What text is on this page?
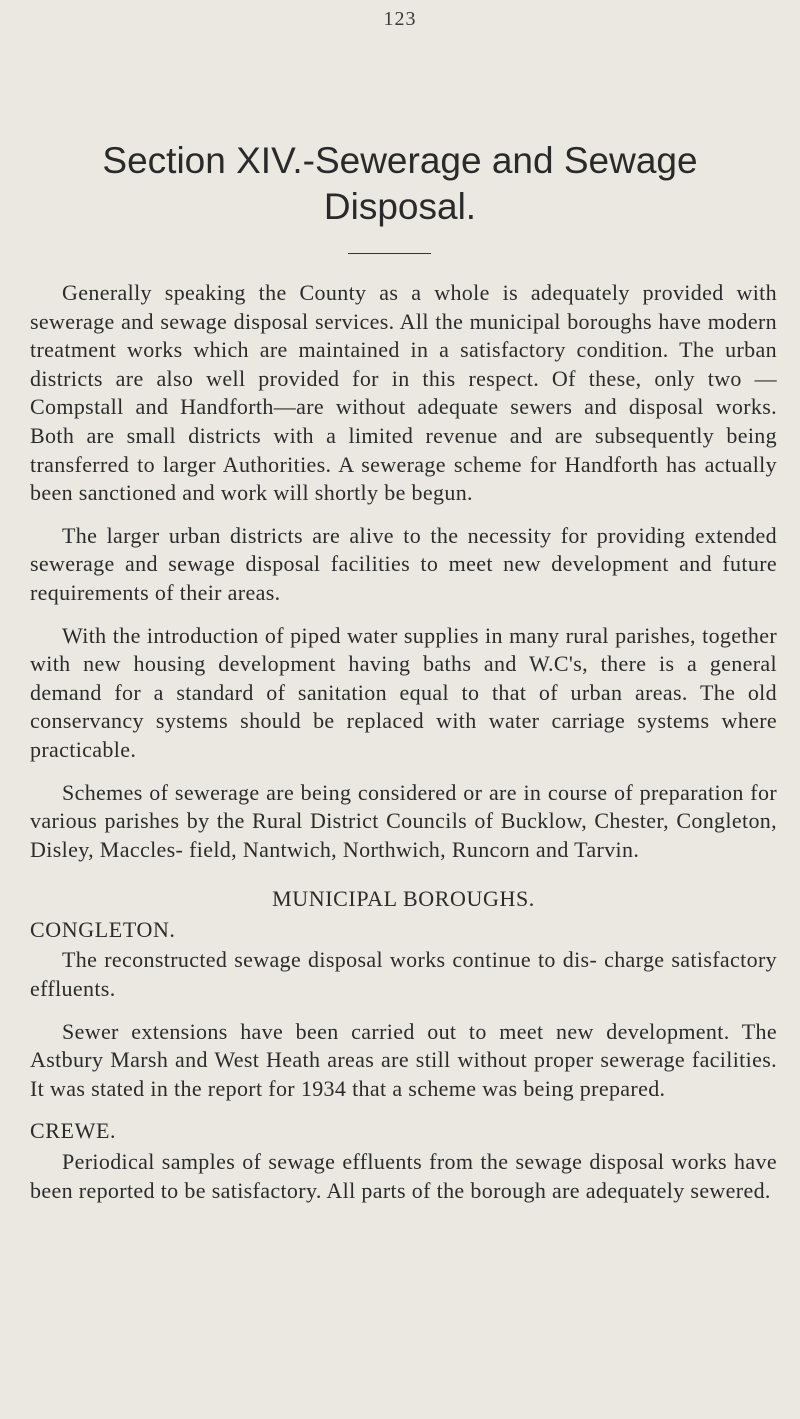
123
Section XIV.-Sewerage and Sewage
Disposal.

Generally speaking the County as a whole is adequately provided with sewerage and sewage disposal services. All the municipal boroughs have modern treatment works which are maintained in a satisfactory condition. The urban districts are also well provided for in this respect. Of these, only two —Compstall and Handforth—are without adequate sewers and disposal works. Both are small districts with a limited revenue and are subsequently being transferred to larger Authorities. A sewerage scheme for Handforth has actually been sanctioned and work will shortly be begun.

The larger urban districts are alive to the necessity for providing extended sewerage and sewage disposal facilities to meet new development and future requirements of their areas.

With the introduction of piped water supplies in many rural parishes, together with new housing development having baths and W.C's, there is a general demand for a standard of sanitation equal to that of urban areas. The old conservancy systems should be replaced with water carriage systems where practicable.

Schemes of sewerage are being considered or are in course of preparation for various parishes by the Rural District Councils of Bucklow, Chester, Congleton, Disley, Maccles- field, Nantwich, Northwich, Runcorn and Tarvin.

MUNICIPAL BOROUGHS.
CONGLETON.

The reconstructed sewage disposal works continue to dis- charge satisfactory effluents.

Sewer extensions have been carried out to meet new development. The Astbury Marsh and West Heath areas are still without proper sewerage facilities. It was stated in the report for 1934 that a scheme was being prepared.

CREWE.

Periodical samples of sewage effluents from the sewage disposal works have been reported to be satisfactory. All parts of the borough are adequately sewered.
